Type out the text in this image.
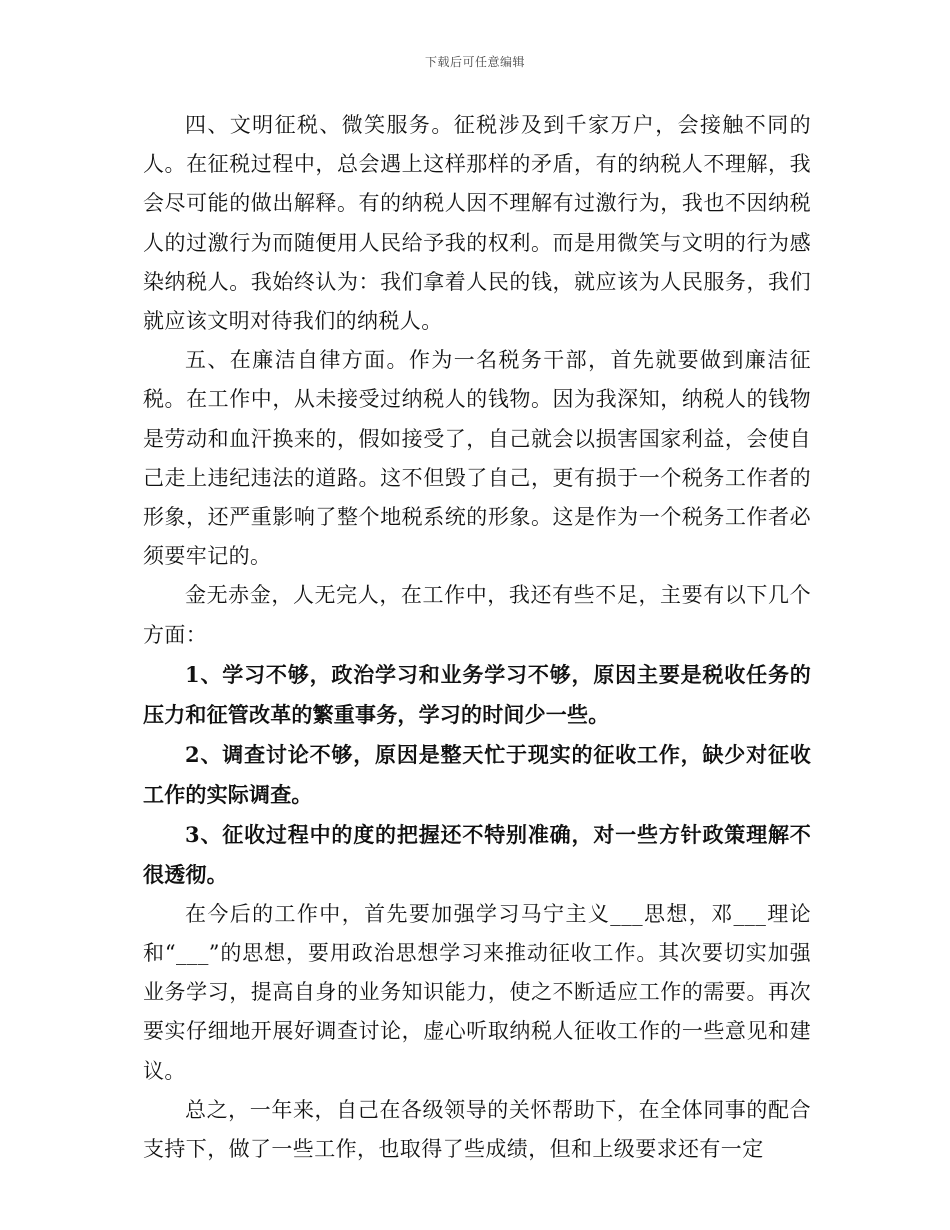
下载后可任意编辑

四、文明征税、微笑服务。征税涉及到千家万户，会接触不同的人。在征税过程中，总会遇上这样那样的矛盾，有的纳税人不理解，我会尽可能的做出解释。有的纳税人因不理解有过激行为，我也不因纳税人的过激行为而随便用人民给予我的权利。而是用微笑与文明的行为感染纳税人。我始终认为：我们拿着人民的钱，就应该为人民服务，我们就应该文明对待我们的纳税人。

五、在廉洁自律方面。作为一名税务干部，首先就要做到廉洁征税。在工作中，从未接受过纳税人的钱物。因为我深知，纳税人的钱物是劳动和血汗换来的，假如接受了，自己就会以损害国家利益，会使自己走上违纪违法的道路。这不但毁了自己，更有损于一个税务工作者的形象，还严重影响了整个地税系统的形象。这是作为一个税务工作者必须要牢记的。

金无赤金，人无完人，在工作中，我还有些不足，主要有以下几个方面：

1、学习不够，政治学习和业务学习不够，原因主要是税收任务的压力和征管改革的繁重事务，学习的时间少一些。

2、调查讨论不够，原因是整天忙于现实的征收工作，缺少对征收工作的实际调查。

3、征收过程中的度的把握还不特别准确，对一些方针政策理解不很透彻。

在今后的工作中，首先要加强学习马宁主义___思想，邓___理论和“___”的思想，要用政治思想学习来推动征收工作。其次要切实加强业务学习，提高自身的业务知识能力，使之不断适应工作的需要。再次要实仔细地开展好调查讨论，虚心听取纳税人征收工作的一些意见和建议。

总之，一年来，自己在各级领导的关怀帮助下，在全体同事的配合支持下，做了一些工作，也取得了些成绩，但和上级要求还有一定
